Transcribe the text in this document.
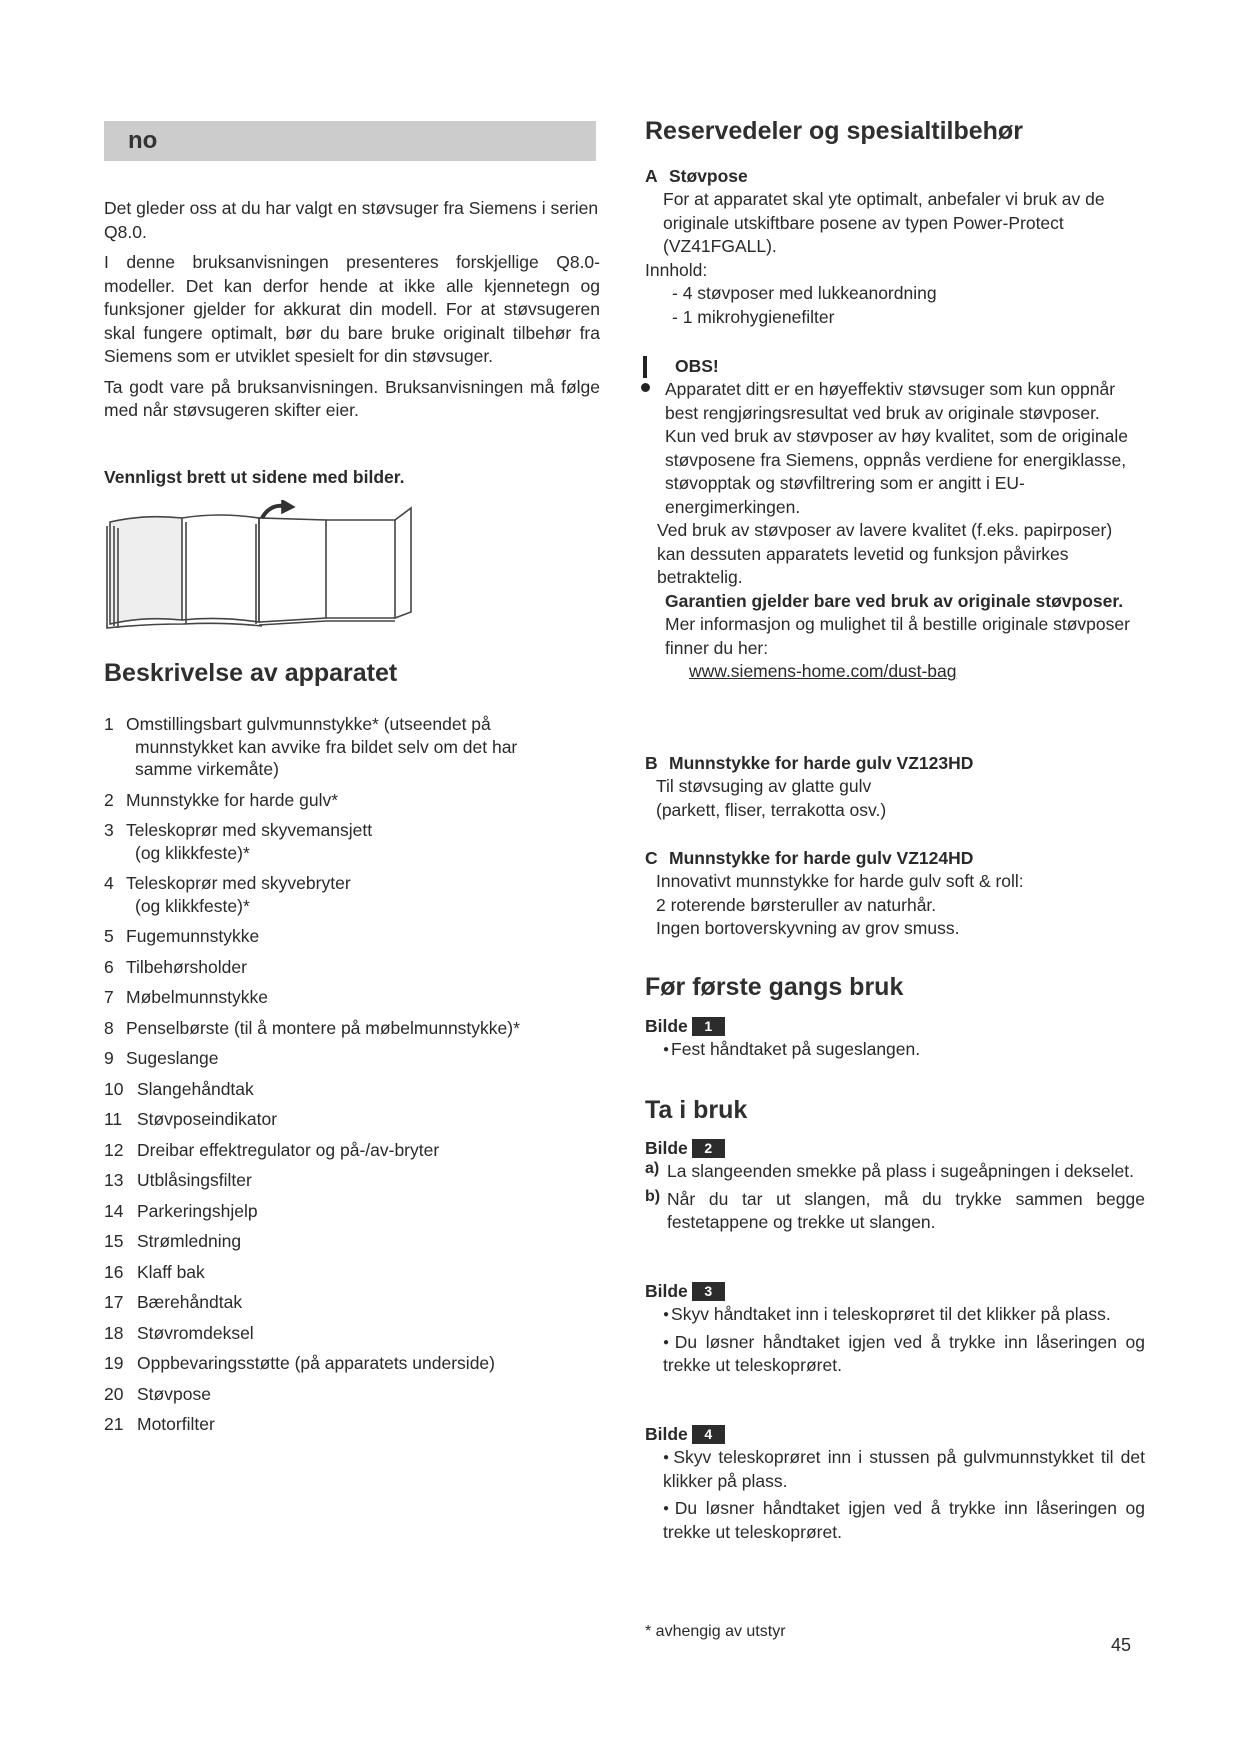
no

Det gleder oss at du har valgt en støvsuger fra Siemens i serien Q8.0.

I denne bruksanvisningen presenteres forskjellige Q8.0-modeller. Det kan derfor hende at ikke alle kjennetegn og funksjoner gjelder for akkurat din modell. For at støvsugeren skal fungere optimalt, bør du bare bruke originalt tilbehør fra Siemens som er utviklet spesielt for din støvsuger.

Ta godt vare på bruksanvisningen. Bruksanvisningen må følge med når støvsugeren skifter eier.

Vennligst brett ut sidene med bilder.
Beskrivelse av apparatet
1 Omstillingsbart gulvmunnstykke* (utseendet på
munnstykket kan avvike fra bildet selv om det har
samme virkemåte)
2 Munnstykke for harde gulv*
3 Teleskoprør med skyvemansjett
(og klikkfeste)*
4 Teleskoprør med skyvebryter
(og klikkfeste)*
5 Fugemunnstykke
6 Tilbehørsholder
7 Møbelmunnstykke
8 Penselbørste (til å montere på møbelmunnstykke)*
9 Sugeslange
10 Slangehåndtak
11 Støvposeindikator
12 Dreibar effektregulator og på-/av-bryter
13 Utblåsingsfilter
14 Parkeringshjelp
15 Strømledning
16 Klaff bak
17 Bærehåndtak
18 Støvromdeksel
19 Oppbevaringsstøtte (på apparatets underside)
20 Støvpose
21 Motorfilter
Reservedeler og spesialtilbehør
A Støvpose

For at apparatet skal yte optimalt, anbefaler vi bruk av de originale utskiftbare posene av typen Power-Protect (VZ41FGALL).

Innhold:

- 4 støvposer med lukkeanordning

- 1 mikrohygienefilter

OBS!

Apparatet ditt er en høyeffektiv støvsuger som kun oppnår best rengjøringsresultat ved bruk av originale støvposer.

Kun ved bruk av støvposer av høy kvalitet, som de originale støvposene fra Siemens, oppnås verdiene for energiklasse, støvopptak og støvfiltrering som er angitt i EU-energimerkingen.

Ved bruk av støvposer av lavere kvalitet (f.eks. papirposer) kan dessuten apparatets levetid og funksjon påvirkes betraktelig.

Garantien gjelder bare ved bruk av originale støvposer.

Mer informasjon og mulighet til å bestille originale støvposer finner du her:

www.siemens-home.com/dust-bag

B Munnstykke for harde gulv VZ123HD

Til støvsuging av glatte gulv

(parkett, fliser, terrakotta osv.)

C Munnstykke for harde gulv VZ124HD

Innovativt munnstykke for harde gulv soft & roll:

2 roterende børsteruller av naturhår.

Ingen bortoverskyvning av grov smuss.

Før første gangs bruk
Bilde	1

● Fest håndtaket på sugeslangen.

Ta i bruk
Bilde	2
a) La slangeenden smekke på plass i sugeåpningen i dekselet.

b) Når du tar ut slangen, må du trykke sammen begge festetappene og trekke ut slangen.

Bilde	3

● Skyv håndtaket inn i teleskoprøret til det klikker på plass.

● Du løsner håndtaket igjen ved å trykke inn låseringen og trekke ut teleskoprøret.

Bilde	4

● Skyv teleskoprøret inn i stussen på gulvmunnstykket til det klikker på plass.

● Du løsner håndtaket igjen ved å trykke inn låseringen og trekke ut teleskoprøret.

* avhengig av utstyr
45
